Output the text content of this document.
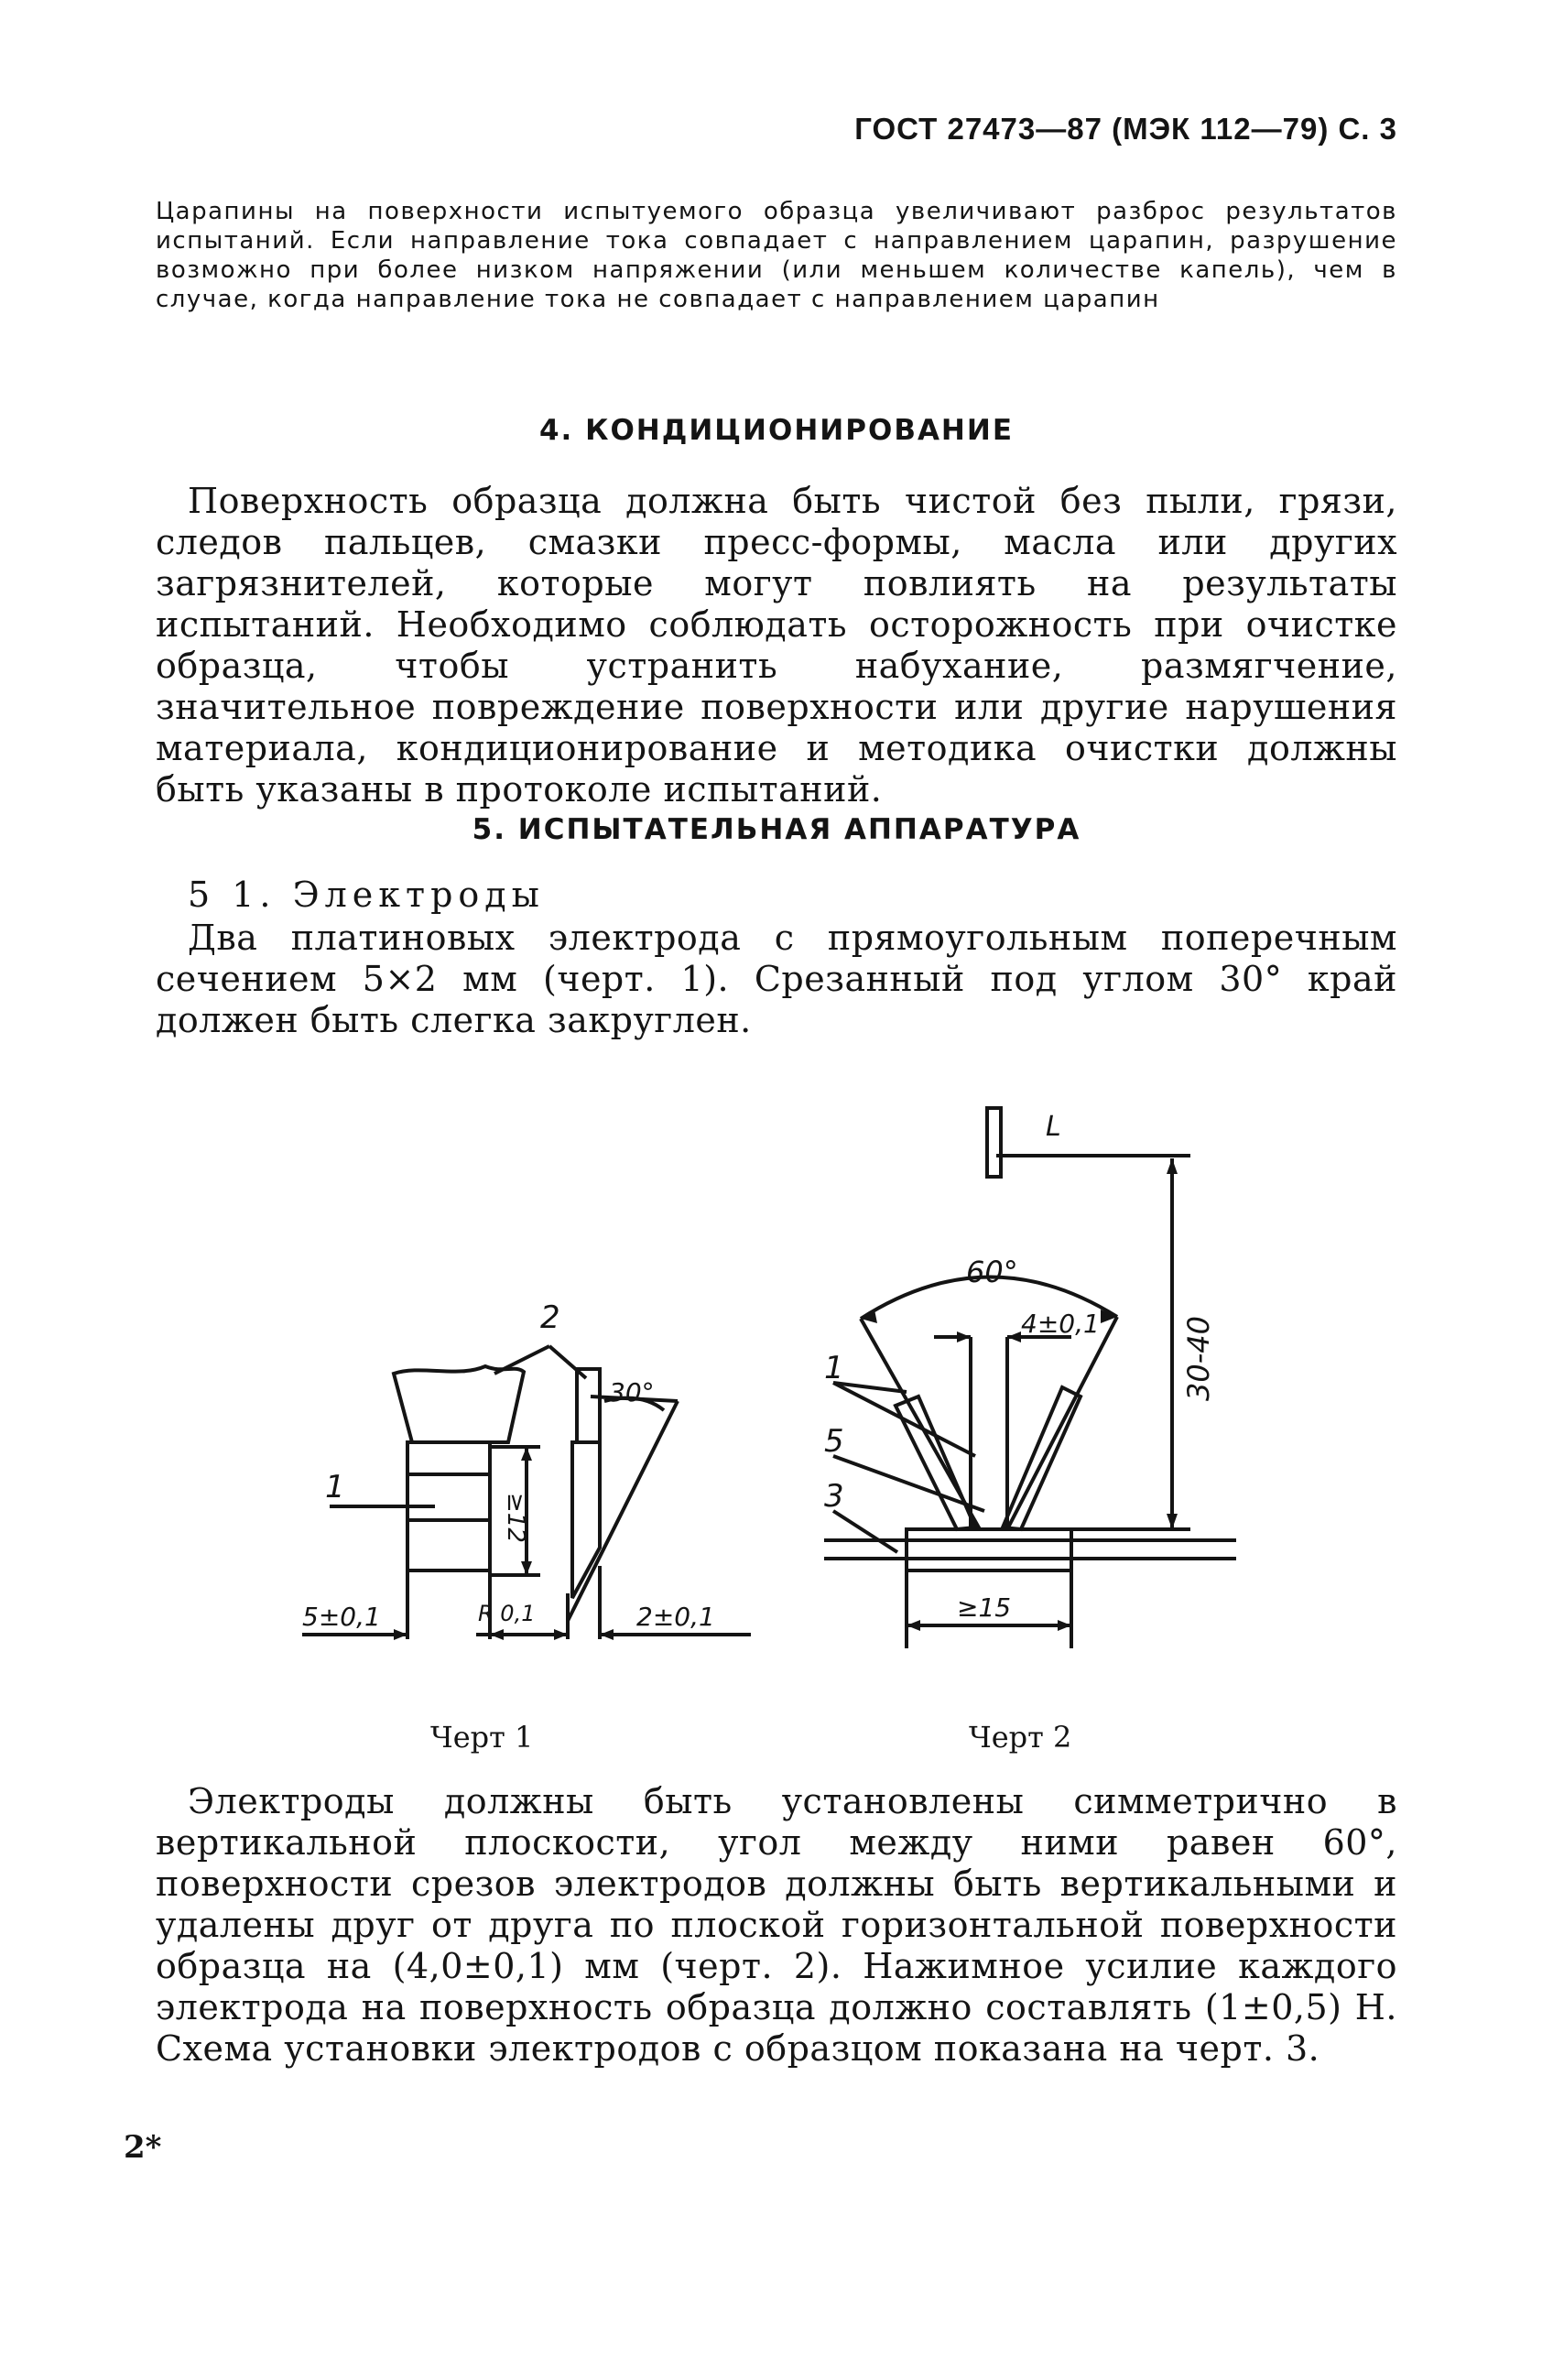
ГОСТ 27473—87 (МЭК 112—79) С. 3

Царапины на поверхности испытуемого образца увеличивают разброс результатов испытаний. Если направление тока совпадает с направлением царапин, разрушение возможно при более низком напряжении (или меньшем количестве капель), чем в случае, когда направление тока не совпадает с направлением царапин

4. КОНДИЦИОНИРОВАНИЕ

Поверхность образца должна быть чистой без пыли, грязи, следов пальцев, смазки пресс-формы, масла или других загрязнителей, которые могут повлиять на результаты испытаний. Необходимо соблюдать осторожность при очистке образца, чтобы устранить набухание, размягчение, значительное повреждение поверхности или другие нарушения материала, кондиционирование и методика очистки должны быть указаны в протоколе испытаний.

5. ИСПЫТАТЕЛЬНАЯ АППАРАТУРА

5 1. Электроды

Два платиновых электрода с прямоугольным поперечным сечением 5×2 мм (черт. 1). Срезанный под углом 30° край должен быть слегка закруглен.

2
1
30°
≥12
R 0,1
5±0,1	2±0,1
Черт 1
L
60°
4±0,1	30-40
1
5
3
≥15
Черт 2

Электроды должны быть установлены симметрично в вертикальной плоскости, угол между ними равен 60°, поверхности срезов электродов должны быть вертикальными и удалены друг от друга по плоской горизонтальной поверхности образца на (4,0±0,1) мм (черт. 2). Нажимное усилие каждого электрода на поверхность образца должно составлять (1±0,5) Н. Схема установки электродов с образцом показана на черт. 3.

2*
